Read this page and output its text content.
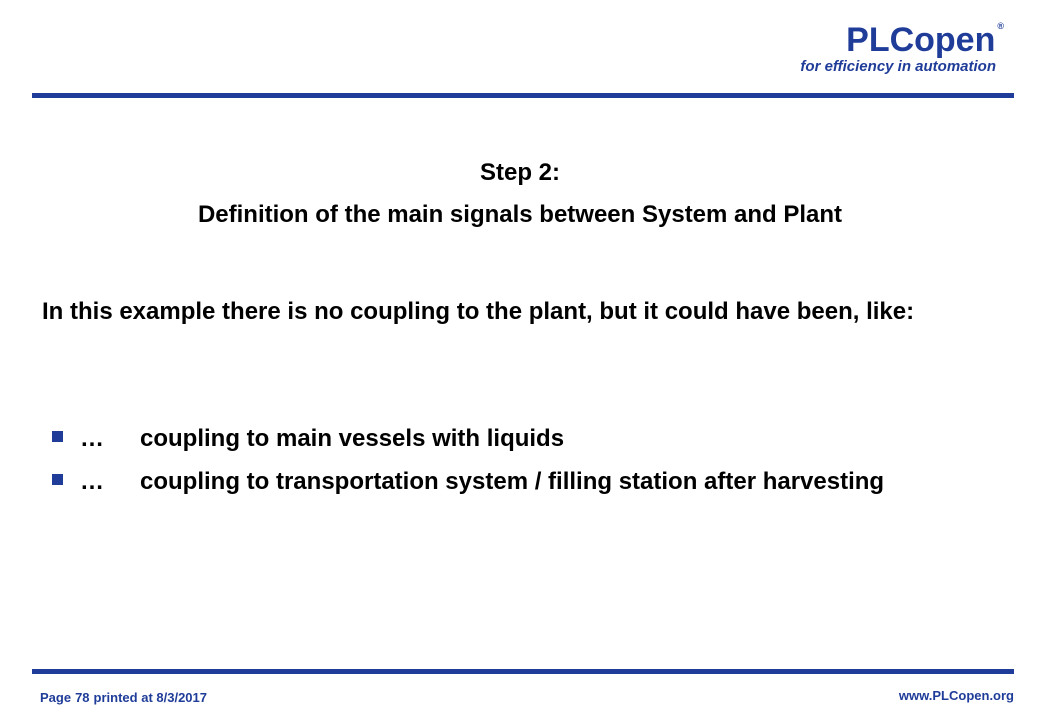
PLCopen ®
for efficiency in automation
Step 2:
Definition of the main signals between System and Plant

In this example there is no coupling to the plant, but it could have been, like:

… coupling to main vessels with liquids
… coupling to transportation system / filling station after harvesting
Page 78 printed at 8/3/2017	www.PLCopen.org
